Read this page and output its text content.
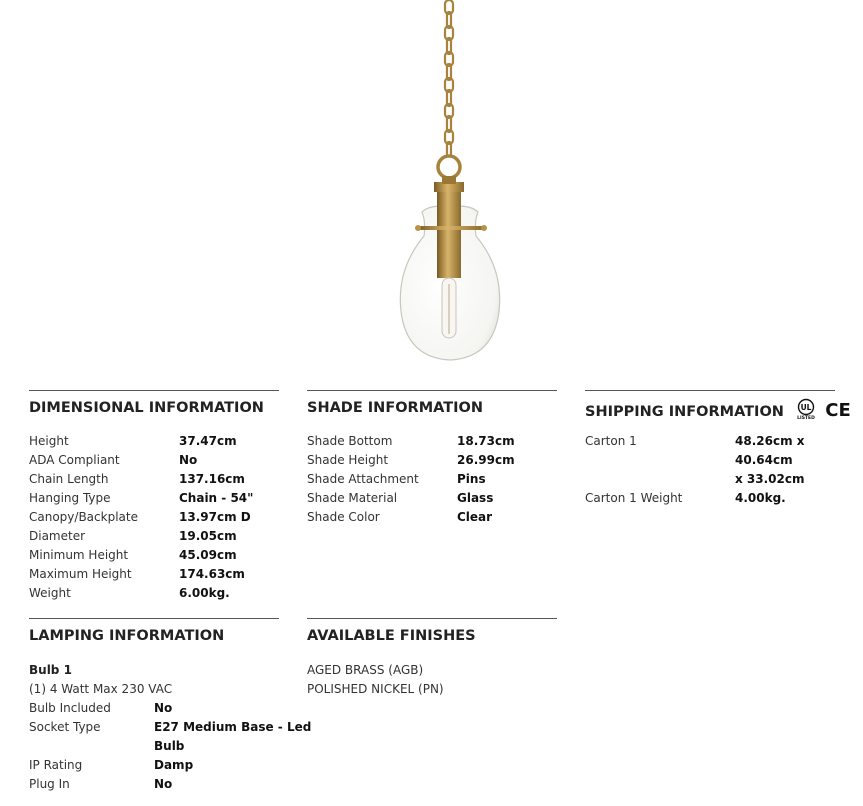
DIMENSIONAL INFORMATION
Height	37.47cm
ADA Compliant	No
Chain Length	137.16cm
Hanging Type	Chain - 54"
Canopy/Backplate	13.97cm D
Diameter	19.05cm
Minimum Height	45.09cm
Maximum Height	174.63cm
Weight	6.00kg.
SHADE INFORMATION
Shade Bottom	18.73cm
Shade Height	26.99cm
Shade Attachment	Pins
Shade Material	Glass
Shade Color	Clear
SHIPPING INFORMATION UL
LISTED
CE
Carton 1	48.26cm x 40.64cm
x 33.02cm
Carton 1 Weight	4.00kg.
LAMPING INFORMATION
Bulb 1
(1) 4 Watt Max 230 VAC
Bulb Included	No
Socket Type	E27 Medium Base - Led
Bulb
IP Rating	Damp
Plug In	No
AVAILABLE FINISHES
AGED BRASS (AGB)
POLISHED NICKEL (PN)
